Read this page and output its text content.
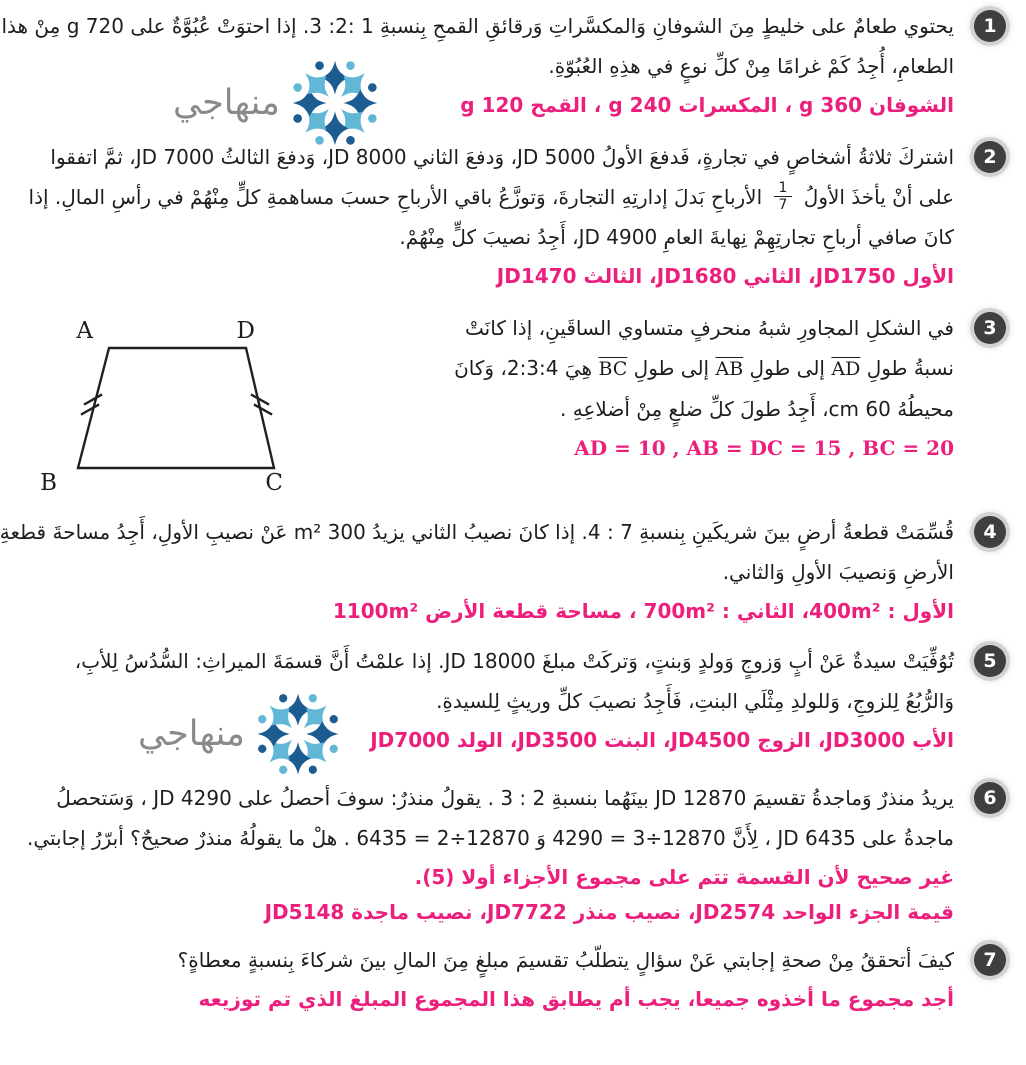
1

يحتوي طعامٌ على خليطٍ مِنَ الشوفانِ وَالمكسَّراتِ وَرقائقِ القمحِ بِنسبةِ 1 :2: 3. إذا احتوَتْ عُبُوَّةٌ على 720 g مِنْ هذا

الطعامِ، أُجِدُ كَمْ غرامًا مِنْ كلِّ نوعٍ في هذِهِ العُبُوّةِ.

الشوفان 360 g ، المكسرات 240 g ، القمح 120 g

منهاجي
2

اشتركَ ثلاثةُ أشخاصٍ في تجارةٍ، فَدفعَ الأولُ JD 5000، وَدفعَ الثاني JD 8000، وَدفعَ الثالثُ JD 7000، ثمَّ اتفقوا

على أنْ يأخذَ الأولُ
$\frac{1}{7}$
الأرباحِ بَدلَ إدارتِهِ التجارةَ، وَتوزَّعُ باقي الأرباحِ حسبَ مساهمةِ كلٍّ مِنْهُمْ في رأسِ المالِ. إذا

كانَ صافي أرباحِ تجارتِهِمْ نِهايةَ العامِ JD 4900، أَجِدُ نصيبَ كلٍّ مِنْهُمْ.

الأول JD1750، الثاني JD1680، الثالث JD1470

3

في الشكلِ المجاورِ شبهُ منحرفٍ متساوي الساقَينِ، إذا كانَتْ

نسبةُ طولِ $\overline{AD}$ إلى طولِ $\overline{AB}$ إلى طولِ $\overline{BC}$ هِيَ 2:3:4، وَكانَ

محيطُهُ 60 cm، أَجِدُ طولَ كلِّ ضلعٍ مِنْ أضلاعِهِ .

AD = 10 , AB = DC = 15 , BC = 20

A	D
B	C
4

قُسِّمَتْ قطعةُ أرضٍ بينَ شريكَينِ بِنسبةِ 7 : 4. إذا كانَ نصيبُ الثاني يزيدُ 300 m² عَنْ نصيبِ الأولِ، أَجِدُ مساحةَ قطعةِ

الأرضِ وَنصيبَ الأولِ وَالثاني.

الأول : 400m²، الثاني : 700m² ، مساحة قطعة الأرض 1100m²

5

تُوُفِّيَتْ سيدةٌ عَنْ أبٍ وَزوجٍ وَولدٍ وَبنتٍ، وَتركَتْ مبلغَ JD 18000. إذا علمْتُ أَنَّ قسمَةَ الميراثِ: السُّدُسُ لِلأبِ،

وَالرُّبُعُ لِلزوجِ، وَللولدِ مِثْلَي البنتِ، فَأَجِدُ نصيبَ كلِّ وريثٍ لِلسيدةِ.

الأب JD3000، الزوج JD4500، البنت JD3500، الولد JD7000

منهاجي
6

يريدُ منذرٌ وَماجدةُ تقسيمَ JD 12870 بينَهُما بنسبةِ 2 : 3 . يقولُ منذرٌ: سوفَ أحصلُ على JD 4290 ، وَسَتحصلُ

ماجدةُ على JD 6435 ، لِأَنَّ 4290 = 3÷12870 وَ 6435 = 2÷12870 . هلْ ما يقولُهُ منذرٌ صحيحٌ؟ أبرّرُ إجابتي.

غير صحيح لأن القسمة تتم على مجموع الأجزاء أولا (5).

قيمة الجزء الواحد JD2574، نصيب منذر JD7722، نصيب ماجدة JD5148

7

كيفَ أتحققُ مِنْ صحةِ إجابتي عَنْ سؤالٍ يتطلّبُ تقسيمَ مبلغٍ مِنَ المالِ بينَ شركاءَ بِنسبةٍ معطاةٍ؟

أجد مجموع ما أخذوه جميعا، يجب أم يطابق هذا المجموع المبلغ الذي تم توزيعه
